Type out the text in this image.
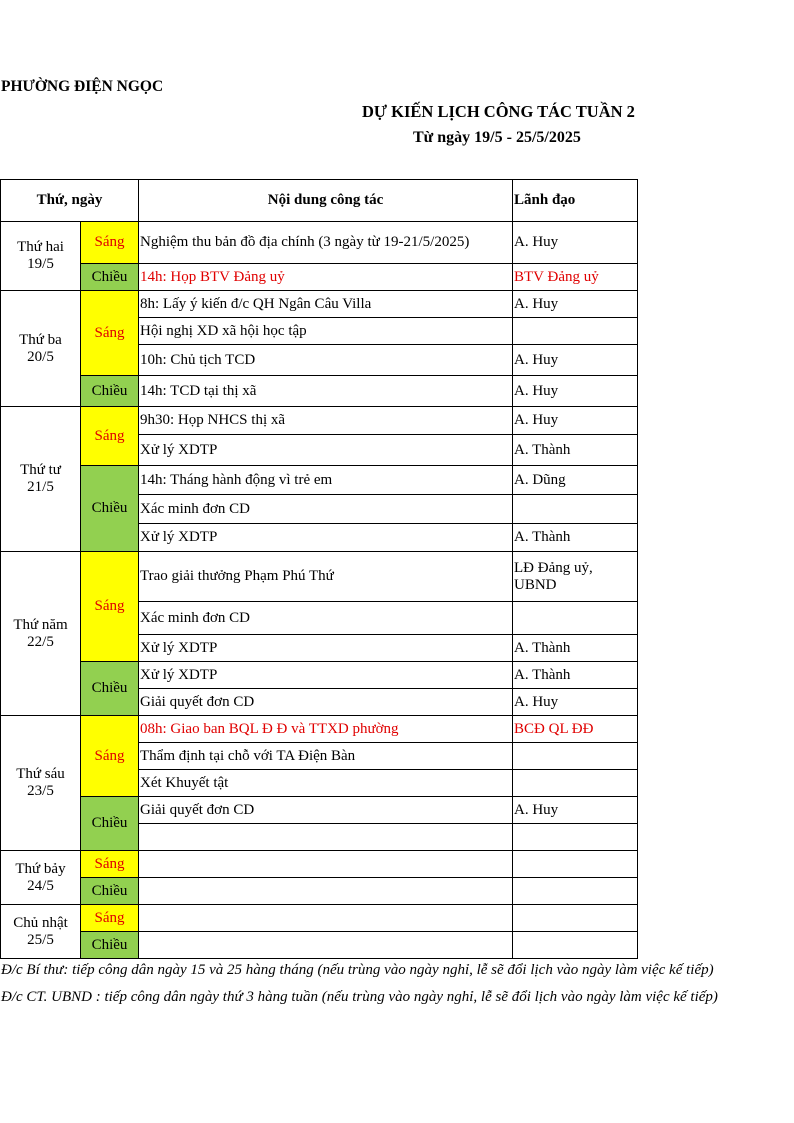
PHƯỜNG ĐIỆN NGỌC
DỰ KIẾN LỊCH CÔNG TÁC TUẦN 2
Từ ngày 19/5 - 25/5/2025
Thứ, ngày		Nội dung công tác	Lãnh đạo
Thứ hai
19/5	Sáng	Nghiệm thu bản đồ địa chính (3 ngày từ 19-21/5/2025)	A. Huy
	Chiều	14h: Họp BTV Đảng uỷ	BTV Đảng uỷ
Thứ ba
20/5	Sáng	8h: Lấy ý kiến đ/c QH Ngân Câu Villa	A. Huy
		Hội nghị XD xã hội học tập	
		10h: Chủ tịch TCD	A. Huy
	Chiều	14h: TCD tại thị xã	A. Huy
Thứ tư
21/5	Sáng	9h30: Họp NHCS thị xã	A. Huy
		Xử lý XDTP	A. Thành
	Chiều	14h: Tháng hành động vì trẻ em	A. Dũng
		Xác minh đơn CD	
		Xử lý XDTP	A. Thành
Thứ năm
22/5	Sáng	Trao giải thưởng Phạm Phú Thứ	LĐ Đảng uỷ, UBND
		Xác minh đơn CD	
		Xử lý XDTP	A. Thành
	Chiều	Xử lý XDTP	A. Thành
		Giải quyết đơn CD	A. Huy
Thứ sáu
23/5	Sáng	08h: Giao ban BQL Đ Đ và TTXD phường	BCĐ QL ĐĐ
		Thẩm định tại chỗ với TA Điện Bàn	
		Xét Khuyết tật	
	Chiều	Giải quyết đơn CD	A. Huy

Thứ bảy
24/5	Sáng		
	Chiều		
Chủ nhật
25/5	Sáng		
	Chiều		
Đ/c Bí thư: tiếp công dân ngày 15 và 25 hàng tháng (nếu trùng vào ngày nghỉ, lễ sẽ đổi lịch vào ngày làm việc kế tiếp)
Đ/c CT. UBND : tiếp công dân ngày thứ 3 hàng tuần (nếu trùng vào ngày nghỉ, lễ sẽ đổi lịch vào ngày làm việc kế tiếp)
